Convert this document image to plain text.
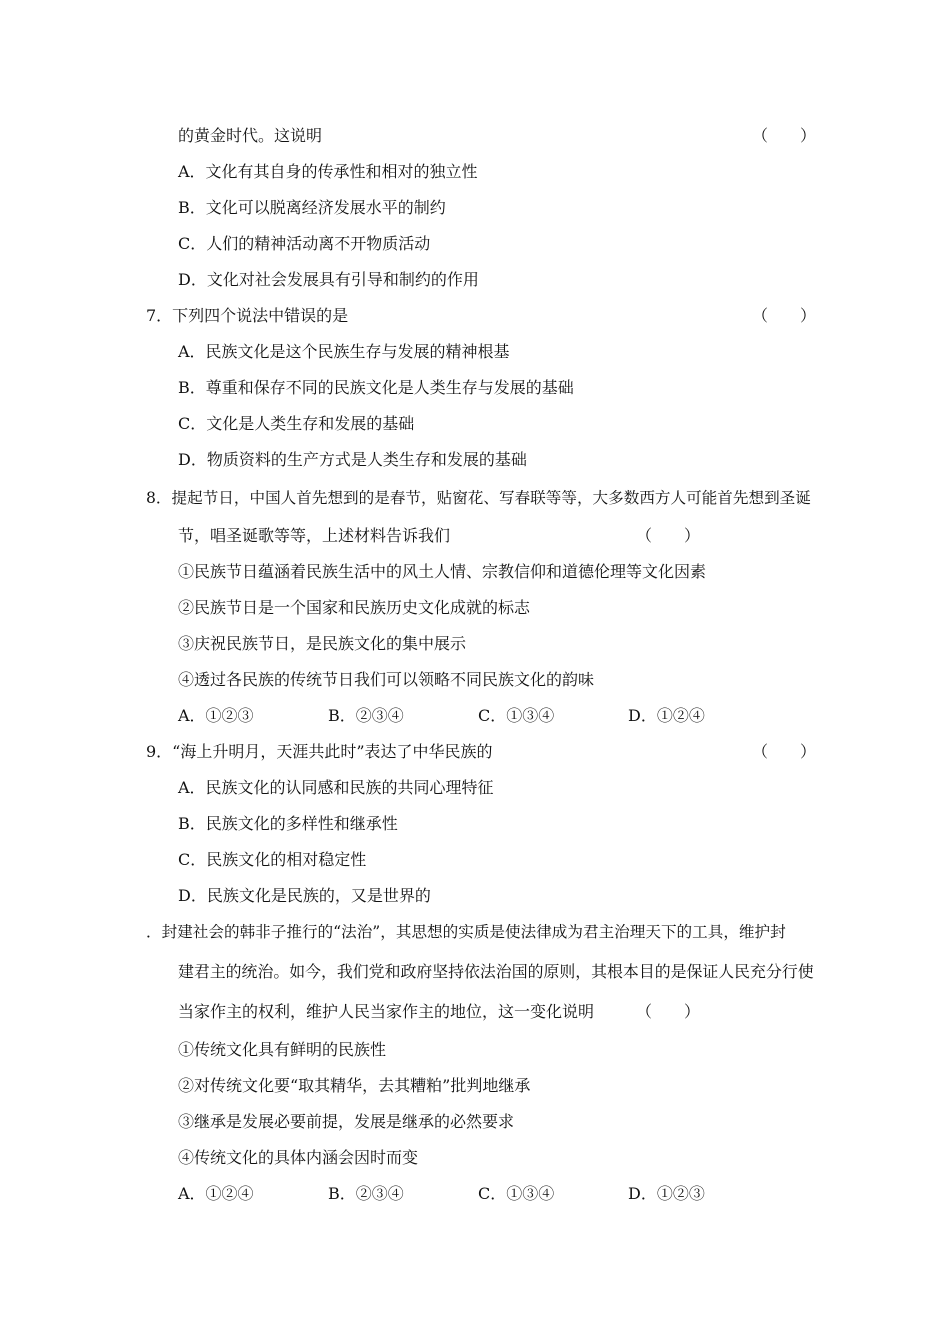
的黄金时代。这说明	（　　）
A．文化有其自身的传承性和相对的独立性
B．文化可以脱离经济发展水平的制约
C．人们的精神活动离不开物质活动
D．文化对社会发展具有引导和制约的作用
7．下列四个说法中错误的是	（　　）
A．民族文化是这个民族生存与发展的精神根基
B．尊重和保存不同的民族文化是人类生存与发展的基础
C．文化是人类生存和发展的基础
D．物质资料的生产方式是人类生存和发展的基础
8．提起节日，中国人首先想到的是春节，贴窗花、写春联等等，大多数西方人可能首先想到圣诞
节，唱圣诞歌等等，上述材料告诉我们	（　　）
①民族节日蕴涵着民族生活中的风土人情、宗教信仰和道德伦理等文化因素
②民族节日是一个国家和民族历史文化成就的标志
③庆祝民族节日，是民族文化的集中展示
④透过各民族的传统节日我们可以领略不同民族文化的韵味
A．①②③	B．②③④	C．①③④	D．①②④
9．“海上升明月，天涯共此时”表达了中华民族的	（　　）
A．民族文化的认同感和民族的共同心理特征
B．民族文化的多样性和继承性
C．民族文化的相对稳定性
D．民族文化是民族的，又是世界的
．封建社会的韩非子推行的“法治”，其思想的实质是使法律成为君主治理天下的工具，维护封
建君主的统治。如今，我们党和政府坚持依法治国的原则，其根本目的是保证人民充分行使
当家作主的权利，维护人民当家作主的地位，这一变化说明	（　　）
①传统文化具有鲜明的民族性
②对传统文化要“取其精华，去其糟粕”批判地继承
③继承是发展必要前提，发展是继承的必然要求
④传统文化的具体内涵会因时而变
A．①②④	B．②③④	C．①③④	D．①②③
